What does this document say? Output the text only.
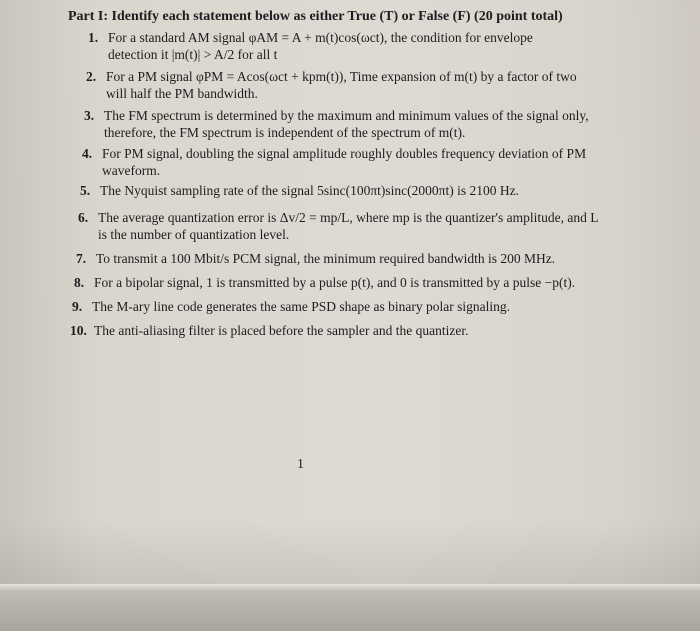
Part I: Identify each statement below as either True (T) or False (F) (20 point total)
1. For a standard AM signal φAM = A + m(t)cos(ωct), the condition for envelope
detection it |m(t)| > A/2 for all t
2. For a PM signal φPM = Acos(ωct + kpm(t)), Time expansion of m(t) by a factor of two
will half the PM bandwidth.
3. The FM spectrum is determined by the maximum and minimum values of the signal only,
therefore, the FM spectrum is independent of the spectrum of m(t).
4. For PM signal, doubling the signal amplitude roughly doubles frequency deviation of PM
waveform.
5. The Nyquist sampling rate of the signal 5sinc(100πt)sinc(2000πt) is 2100 Hz.
6. The average quantization error is Δv/2 = mp/L, where mp is the quantizer's amplitude, and L
is the number of quantization level.
7. To transmit a 100 Mbit/s PCM signal, the minimum required bandwidth is 200 MHz.
8. For a bipolar signal, 1 is transmitted by a pulse p(t), and 0 is transmitted by a pulse −p(t).
9. The M-ary line code generates the same PSD shape as binary polar signaling.
10. The anti-aliasing filter is placed before the sampler and the quantizer.
1
